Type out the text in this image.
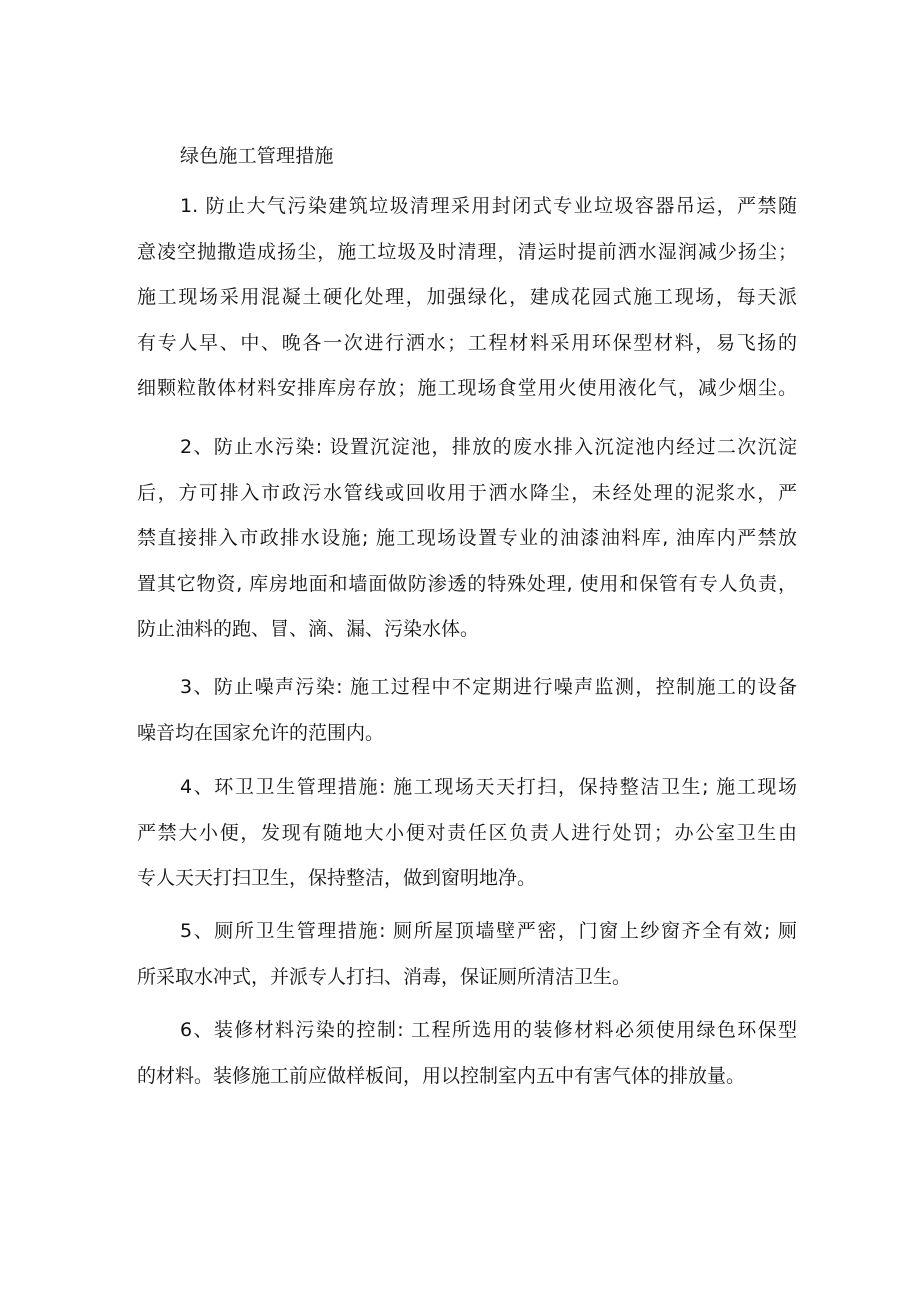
绿色施工管理措施
1. 防止大气污染建筑垃圾清理采用封闭式专业垃圾容器吊运，严禁随
意凌空抛撒造成扬尘，施工垃圾及时清理，清运时提前洒水湿润减少扬尘；
施工现场采用混凝土硬化处理，加强绿化，建成花园式施工现场，每天派
有专人早、中、晚各一次进行洒水；工程材料采用环保型材料，易飞扬的
细颗粒散体材料安排库房存放；施工现场食堂用火使用液化气，减少烟尘。
2、防止水污染: 设置沉淀池，排放的废水排入沉淀池内经过二次沉淀
后，方可排入市政污水管线或回收用于洒水降尘，未经处理的泥浆水，严
禁直接排入市政排水设施; 施工现场设置专业的油漆油料库, 油库内严禁放
置其它物资, 库房地面和墙面做防渗透的特殊处理, 使用和保管有专人负责，
防止油料的跑、冒、滴、漏、污染水体。
3、防止噪声污染: 施工过程中不定期进行噪声监测，控制施工的设备
噪音均在国家允许的范围内。
4、环卫卫生管理措施: 施工现场天天打扫，保持整洁卫生; 施工现场
严禁大小便，发现有随地大小便对责任区负责人进行处罚；办公室卫生由
专人天天打扫卫生，保持整洁，做到窗明地净。
5、厕所卫生管理措施: 厕所屋顶墙壁严密，门窗上纱窗齐全有效; 厕
所采取水冲式，并派专人打扫、消毒，保证厕所清洁卫生。
6、装修材料污染的控制: 工程所选用的装修材料必须使用绿色环保型
的材料。装修施工前应做样板间，用以控制室内五中有害气体的排放量。
